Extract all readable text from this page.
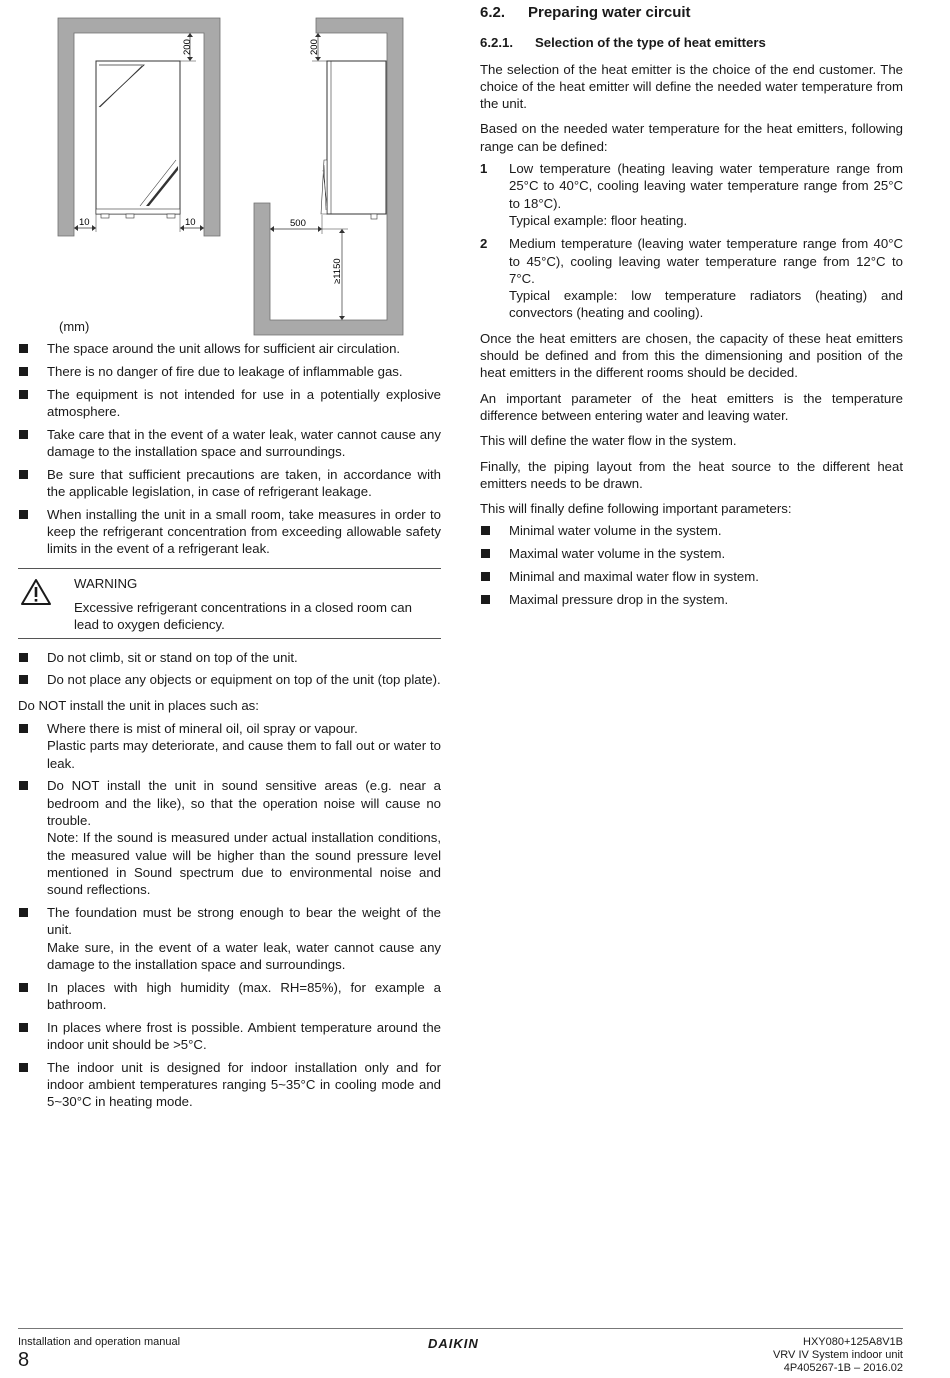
200
10	10
200
500
≥1150
(mm)
The space around the unit allows for sufficient air circulation.
There is no danger of fire due to leakage of inflammable gas.
The equipment is not intended for use in a potentially explosive atmosphere.
Take care that in the event of a water leak, water cannot cause any damage to the installation space and surroundings.
Be sure that sufficient precautions are taken, in accordance with the applicable legislation, in case of refrigerant leakage.
When installing the unit in a small room, take measures in order to keep the refrigerant concentration from exceeding allowable safety limits in the event of a refrigerant leak.
WARNING
Excessive refrigerant concentrations in a closed room can lead to oxygen deficiency.
Do not climb, sit or stand on top of the unit.
Do not place any objects or equipment on top of the unit (top plate).

Do NOT install the unit in places such as:

Where there is mist of mineral oil, oil spray or vapour.
Plastic parts may deteriorate, and cause them to fall out or water to leak.
Do NOT install the unit in sound sensitive areas (e.g. near a bedroom and the like), so that the operation noise will cause no trouble.
Note: If the sound is measured under actual installation conditions, the measured value will be higher than the sound pressure level mentioned in Sound spectrum due to environmental noise and sound reflections.
The foundation must be strong enough to bear the weight of the unit.
Make sure, in the event of a water leak, water cannot cause any damage to the installation space and surroundings.
In places with high humidity (max. RH=85%), for example a bathroom.
In places where frost is possible. Ambient temperature around the indoor unit should be >5°C.
The indoor unit is designed for indoor installation only and for indoor ambient temperatures ranging 5~35°C in cooling mode and 5~30°C in heating mode.
6.2. Preparing water circuit
6.2.1. Selection of the type of heat emitters

The selection of the heat emitter is the choice of the end customer. The choice of the heat emitter will define the needed water temperature from the unit.

Based on the needed water temperature for the heat emitters, following range can be defined:

1 Low temperature (heating leaving water temperature range from 25°C to 40°C, cooling leaving water temperature range from 25°C to 18°C).
Typical example: floor heating.
2 Medium temperature (leaving water temperature range from 40°C to 45°C), cooling leaving water temperature range from 12°C to 7°C.
Typical example: low temperature radiators (heating) and convectors (heating and cooling).

Once the heat emitters are chosen, the capacity of these heat emitters should be defined and from this the dimensioning and position of the heat emitters in the different rooms should be decided.

An important parameter of the heat emitters is the temperature difference between entering water and leaving water.

This will define the water flow in the system.

Finally, the piping layout from the heat source to the different heat emitters needs to be drawn.

This will finally define following important parameters:

Minimal water volume in the system.
Maximal water volume in the system.
Minimal and maximal water flow in system.
Maximal pressure drop in the system.
Installation and operation manual
8
DAIKIN	HXY080+125A8V1B
VRV IV System indoor unit
4P405267-1B – 2016.02
